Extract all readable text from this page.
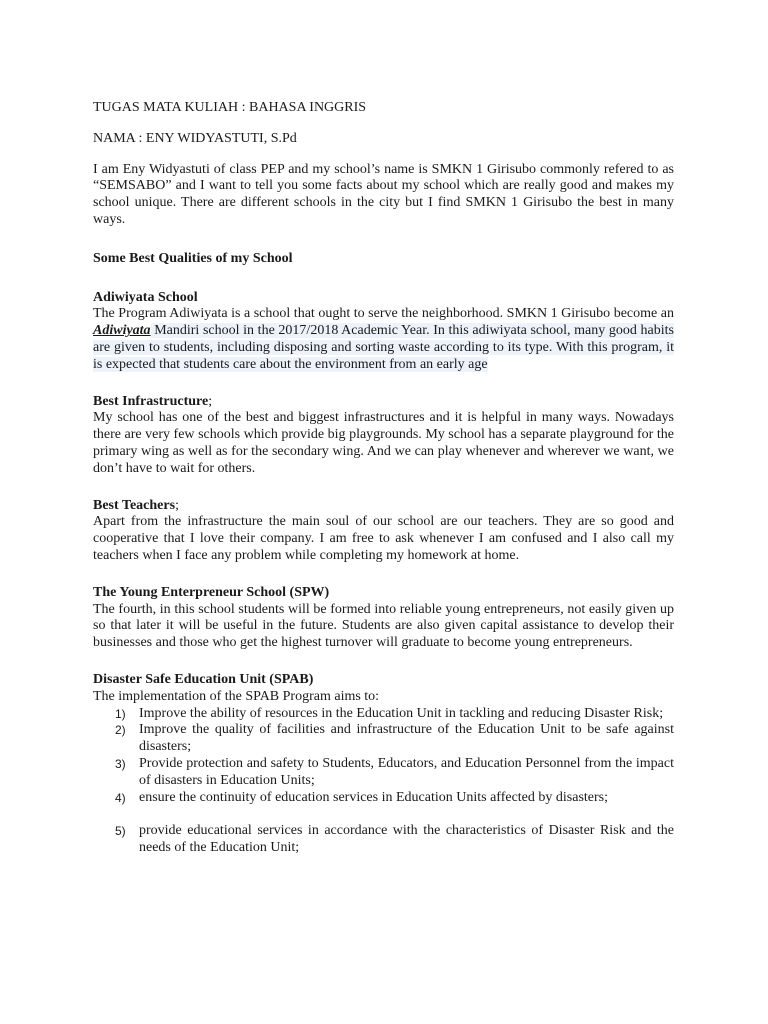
TUGAS MATA KULIAH : BAHASA INGGRIS

NAMA : ENY WIDYASTUTI, S.Pd

I am Eny Widyastuti of class PEP and my school’s name is SMKN 1 Girisubo commonly refered to as “SEMSABO” and I want to tell you some facts about my school which are really good and makes my school unique. There are different schools in the city but I find SMKN 1 Girisubo the best in many ways.

Some Best Qualities of my School

Adiwiyata School

The Program Adiwiyata is a school that ought to serve the neighborhood. SMKN 1 Girisubo become an Adiwiyata Mandiri school in the 2017/2018 Academic Year. In this adiwiyata school, many good habits are given to students, including disposing and sorting waste according to its type. With this program, it is expected that students care about the environment from an early age

Best Infrastructure;

My school has one of the best and biggest infrastructures and it is helpful in many ways. Nowadays there are very few schools which provide big playgrounds. My school has a separate playground for the primary wing as well as for the secondary wing. And we can play whenever and wherever we want, we don’t have to wait for others.

Best Teachers;

Apart from the infrastructure the main soul of our school are our teachers. They are so good and cooperative that I love their company. I am free to ask whenever I am confused and I also call my teachers when I face any problem while completing my homework at home.

The Young Enterpreneur School (SPW)

The fourth, in this school students will be formed into reliable young entrepreneurs, not easily given up so that later it will be useful in the future. Students are also given capital assistance to develop their businesses and those who get the highest turnover will graduate to become young entrepreneurs.

Disaster Safe Education Unit (SPAB)

The implementation of the SPAB Program aims to:

1) Improve the ability of resources in the Education Unit in tackling and reducing Disaster Risk;
2) Improve the quality of facilities and infrastructure of the Education Unit to be safe against disasters;
3) Provide protection and safety to Students, Educators, and Education Personnel from the impact of disasters in Education Units;
4) ensure the continuity of education services in Education Units affected by disasters;
5) provide educational services in accordance with the characteristics of Disaster Risk and the needs of the Education Unit;
